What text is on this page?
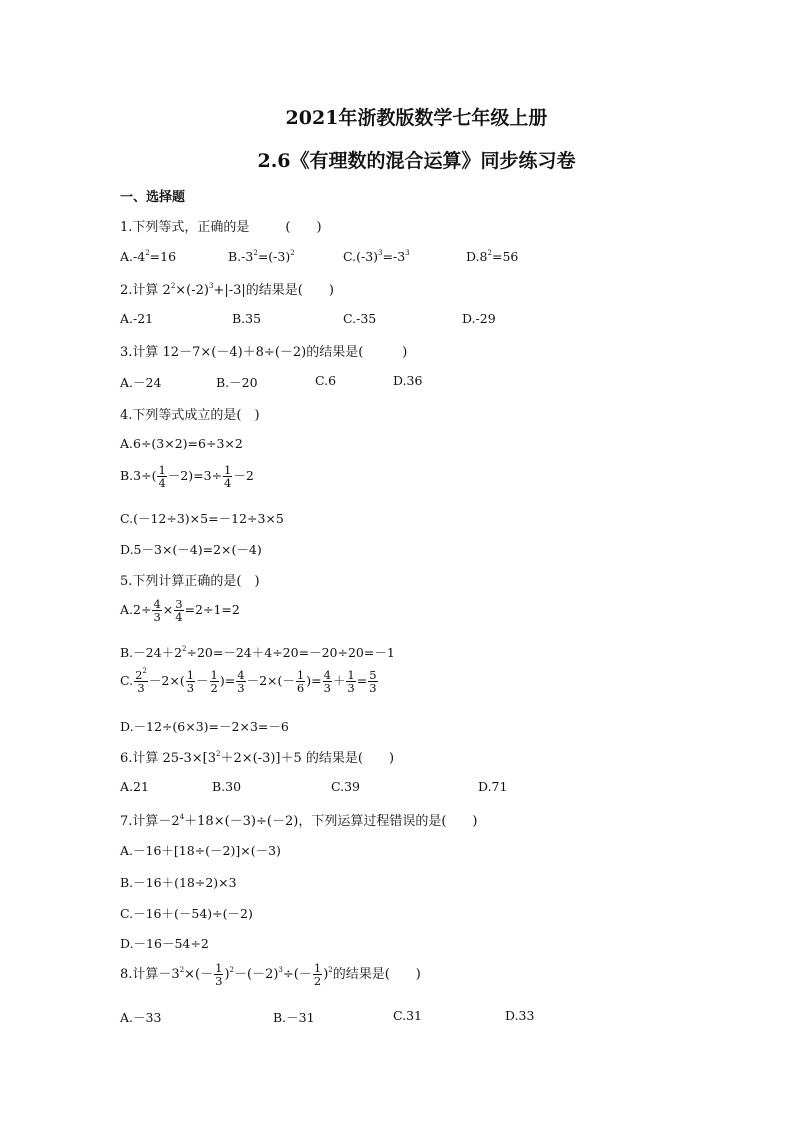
2021年浙教版数学七年级上册
2.6《有理数的混合运算》同步练习卷
一、选择题
1.下列等式，正确的是	(　　)
$A.-4^2=16$	$B.-3^2=(-3)^2$	$C.(-3)^3=-3^3$	$D.8^2=56$
2.计算 $2^2\times(-2)^3+|-3|$的结果是(　　)
A.-21	B.35	C.-35	D.-29
3.计算 12－7×(－4)＋8÷(－2)的结果是(　　　)
A.－24	B.－20	C.6	D.36
4.下列等式成立的是(　)
A.6÷(3×2)=6÷3×2
$B.3\div( \frac{1}{4} -2)=3\div \frac{1}{4} -2$
C.(－12÷3)×5=－12÷3×5
D.5－3×(－4)=2×(－4)
5.下列计算正确的是(　)
$A.2\div \frac{4}{3} \times \frac{3}{4} =2\div 1=2$
$B.-24+2^2\div 20=-24+4\div 20=-20\div 20=-1$
C. $\frac{2^2}{3} -2\times( \frac{1}{3} - \frac{1}{2}$ )= $\frac{4}{3} -2\times(- \frac{1}{6}$ )= $\frac{4}{3} + \frac{1}{3} = \frac{5}{3}$
D.－12÷(6×3)=－2×3=－6
6.计算 $25-3\times[3^2+2\times(-3)]+5$ 的结果是(　　)
A.21	B.30	C.39	D.71
7.计算$-2^4+18\times(-3)\div(-2)$，下列运算过程错误的是(　　)
A.－16＋[18÷(－2)]×(－3)
B.－16＋(18÷2)×3
C.－16＋(－54)÷(－2)
D.－16－54÷2
8.计算$-3^2\times(- \frac{1}{3} )^2-(-2)^3\div(- \frac{1}{2} )^2$的结果是(　　)
A.－33	B.－31	C.31	D.33
